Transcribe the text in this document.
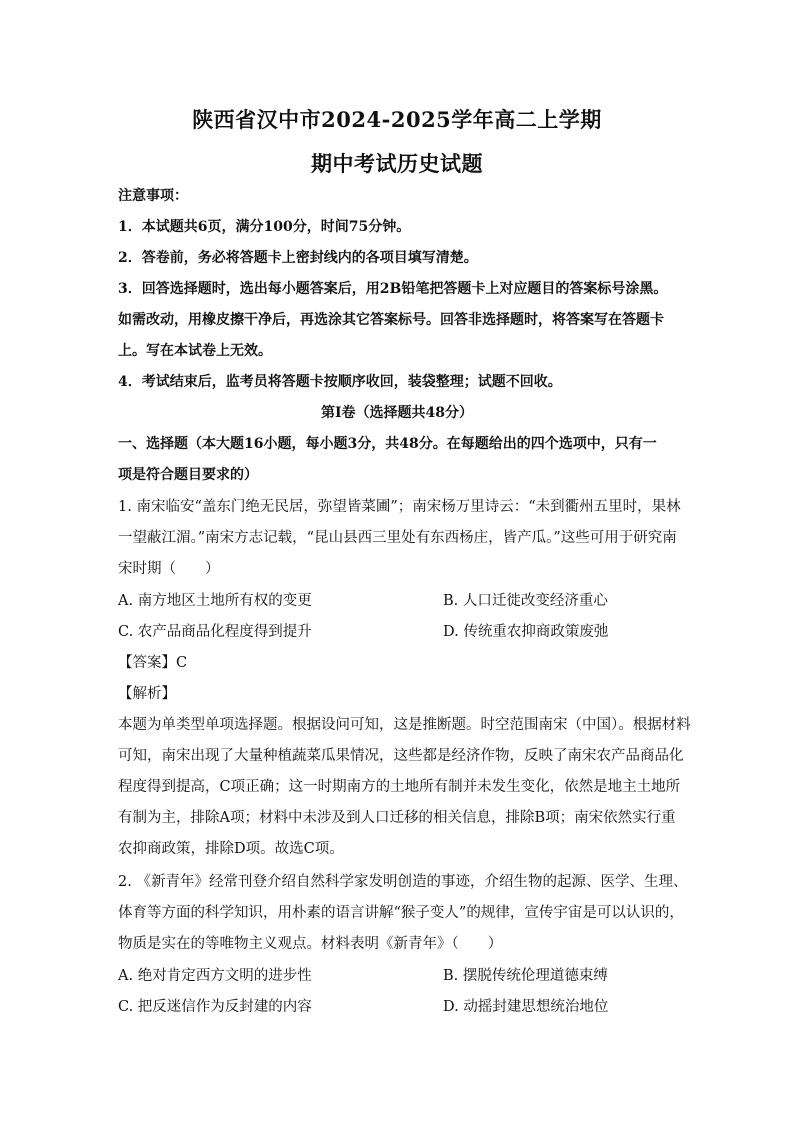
陕西省汉中市2024-2025学年高二上学期
期中考试历史试题
注意事项：
1．本试题共6页，满分100分，时间75分钟。
2．答卷前，务必将答题卡上密封线内的各项目填写清楚。
3．回答选择题时，选出每小题答案后，用2B铅笔把答题卡上对应题目的答案标号涂黑。
如需改动，用橡皮擦干净后，再选涂其它答案标号。回答非选择题时，将答案写在答题卡
上。写在本试卷上无效。
4．考试结束后，监考员将答题卡按顺序收回，装袋整理；试题不回收。
第Ⅰ卷（选择题共48分）
一、选择题（本大题16小题，每小题3分，共48分。在每题给出的四个选项中，只有一
项是符合题目要求的）
1. 南宋临安“盖东门绝无民居，弥望皆菜圃”；南宋杨万里诗云：“未到衢州五里时，果林
一望蔽江湄。”南宋方志记载，“昆山县西三里处有东西杨庄，皆产瓜。”这些可用于研究南
宋时期（　　）
A. 南方地区土地所有权的变更	B. 人口迁徙改变经济重心
C. 农产品商品化程度得到提升	D. 传统重农抑商政策废弛
【答案】C
【解析】
本题为单类型单项选择题。根据设问可知，这是推断题。时空范围南宋（中国）。根据材料
可知，南宋出现了大量种植蔬菜瓜果情况，这些都是经济作物，反映了南宋农产品商品化
程度得到提高，C项正确；这一时期南方的土地所有制并未发生变化，依然是地主土地所
有制为主，排除A项；材料中未涉及到人口迁移的相关信息，排除B项；南宋依然实行重
农抑商政策，排除D项。故选C项。
2. 《新青年》经常刊登介绍自然科学家发明创造的事迹，介绍生物的起源、医学、生理、
体育等方面的科学知识，用朴素的语言讲解“猴子变人”的规律，宣传宇宙是可以认识的，
物质是实在的等唯物主义观点。材料表明《新青年》（　　）
A. 绝对肯定西方文明的进步性	B. 摆脱传统伦理道德束缚
C. 把反迷信作为反封建的内容	D. 动摇封建思想统治地位
